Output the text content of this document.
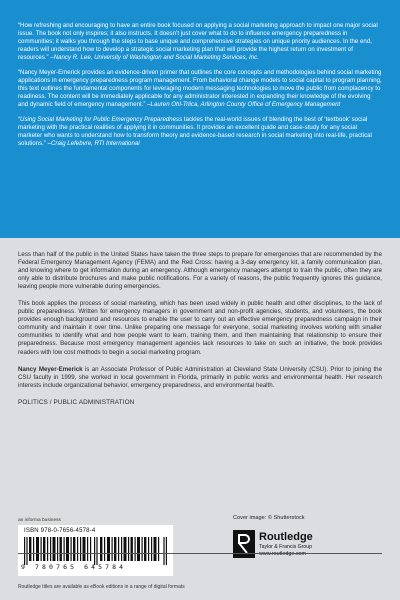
“How refreshing and encouraging to have an entire book focused on applying a social marketing approach to impact one major social issue. The book not only inspires; it also instructs. It doesn’t just cover what to do to influence emergency preparedness in communities; it walks you through the steps to base unique and comprehensive strategies on unique priority audiences. In the end, readers will understand how to develop a strategic social marketing plan that will provide the highest return on investment of resources.” –Nancy R. Lee, University of Washington and Social Marketing Services, Inc.

“Nancy Meyer-Emerick provides an evidence-driven primer that outlines the core concepts and methodologies behind social marketing applications in emergency preparedness program management. From behavioral change models to social capital to program planning, this text outlines the fundamental components for leveraging modern messaging technologies to move the public from complacency to readiness. The content will be immediately applicable for any administrator interested in expanding their knowledge of the evolving and dynamic field of emergency management.” –Lauren Ohl-Trlica, Arlington County Office of Emergency Management

“Using Social Marketing for Public Emergency Preparedness tackles the real-world issues of blending the best of ‘textbook’ social marketing with the practical realities of applying it in communities. It provides an excellent guide and case-study for any social marketer who wants to understand how to transform theory and evidence-based research in social marketing into real-life, practical solutions.” –Craig Lefebvre, RTI International

Less than half of the public in the United States have taken the three steps to prepare for emergencies that are recommended by the Federal Emergency Management Agency (FEMA) and the Red Cross: having a 3-day emergency kit, a family communication plan, and knowing where to get information during an emergency. Although emergency managers attempt to train the public, often they are only able to distribute brochures and make public notifications. For a variety of reasons, the public frequently ignores this guidance, leaving people more vulnerable during emergencies.

This book applies the process of social marketing, which has been used widely in public health and other disciplines, to the lack of public preparedness. Written for emergency managers in government and non-profit agencies, students, and volunteers, the book provides enough background and resources to enable the user to carry out an effective emergency preparedness campaign in their community and maintain it over time. Unlike preparing one message for everyone, social marketing involves working with smaller communities to identify what and how people want to learn, training them, and then maintaining that relationship to ensure their preparedness. Because most emergency management agencies lack resources to take on such an initiative, the book provides readers with low cost methods to begin a social marketing program.

Nancy Meyer-Emerick is an Associate Professor of Public Administration at Cleveland State University (CSU). Prior to joining the CSU faculty in 1999, she worked in local government in Florida, primarily in public works and environmental health. Her research interests include organizational behavior, emergency preparedness, and environmental health.

POLITICS / PUBLIC ADMINISTRATION

an informa business
ISBN 978-0-7656-4578-4
9 780765 645784
Cover image: © Shutterstock
Routledge
Taylor & Francis Group
www.routledge.com
Routledge titles are available as eBook editions in a range of digital formats
